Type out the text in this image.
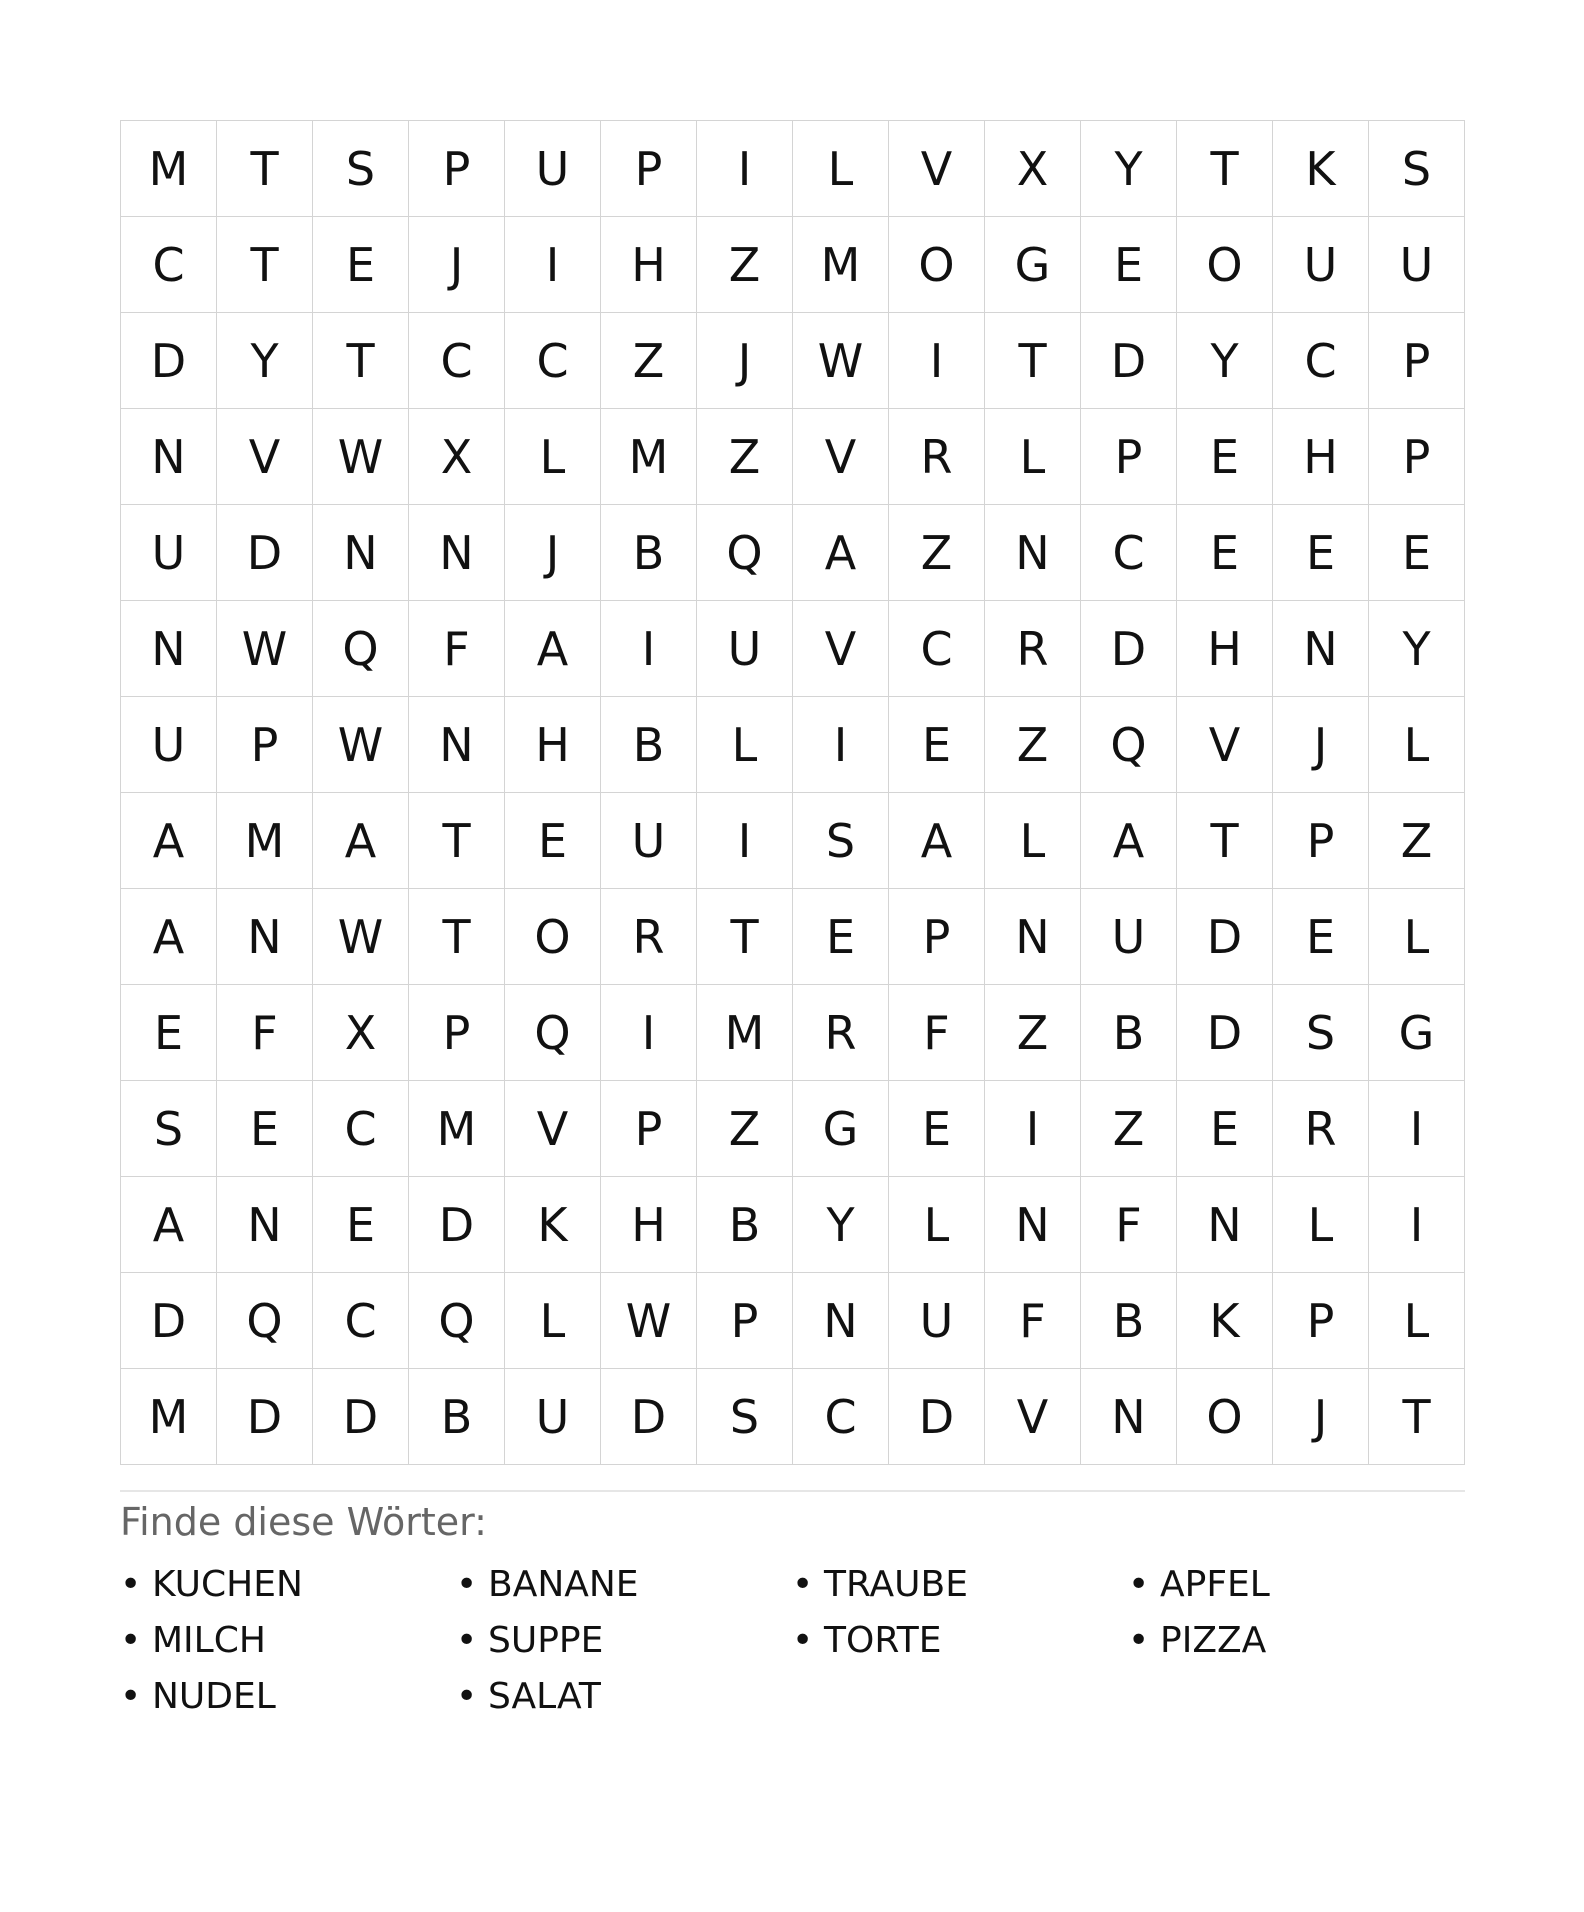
M	T	S	P	U	P	I	L	V	X	Y	T	K	S
C	T	E	J	I	H	Z	M	O	G	E	O	U	U
D	Y	T	C	C	Z	J	W	I	T	D	Y	C	P
N	V	W	X	L	M	Z	V	R	L	P	E	H	P
U	D	N	N	J	B	Q	A	Z	N	C	E	E	E
N	W	Q	F	A	I	U	V	C	R	D	H	N	Y
U	P	W	N	H	B	L	I	E	Z	Q	V	J	L
A	M	A	T	E	U	I	S	A	L	A	T	P	Z
A	N	W	T	O	R	T	E	P	N	U	D	E	L
E	F	X	P	Q	I	M	R	F	Z	B	D	S	G
S	E	C	M	V	P	Z	G	E	I	Z	E	R	I
A	N	E	D	K	H	B	Y	L	N	F	N	L	I
D	Q	C	Q	L	W	P	N	U	F	B	K	P	L
M	D	D	B	U	D	S	C	D	V	N	O	J	T
Finde diese Wörter:
• KUCHEN	• BANANE	• TRAUBE	• APFEL
• MILCH	• SUPPE	• TORTE	• PIZZA
• NUDEL	• SALAT
